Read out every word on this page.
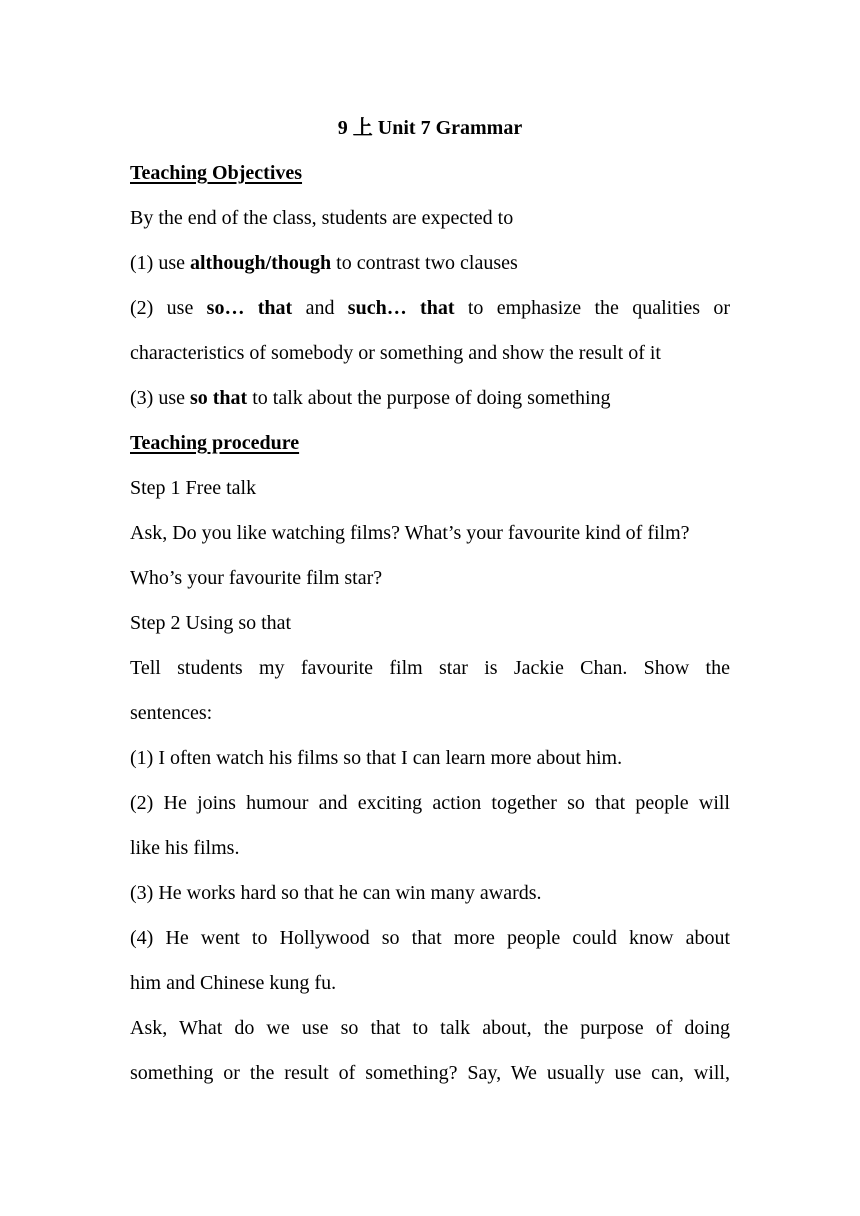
9 上 Unit 7 Grammar
Teaching Objectives
By the end of the class, students are expected to
(1) use although/though to contrast two clauses
(2) use so… that and such… that to emphasize the qualities or
characteristics of somebody or something and show the result of it
(3) use so that to talk about the purpose of doing something
Teaching procedure
Step 1 Free talk
Ask, Do you like watching films? What’s your favourite kind of film?
Who’s your favourite film star?
Step 2 Using so that
Tell students my favourite film star is Jackie Chan. Show the
sentences:
(1) I often watch his films so that I can learn more about him.
(2) He joins humour and exciting action together so that people will
like his films.
(3) He works hard so that he can win many awards.
(4) He went to Hollywood so that more people could know about
him and Chinese kung fu.
Ask, What do we use so that to talk about, the purpose of doing
something or the result of something? Say, We usually use can, will,
